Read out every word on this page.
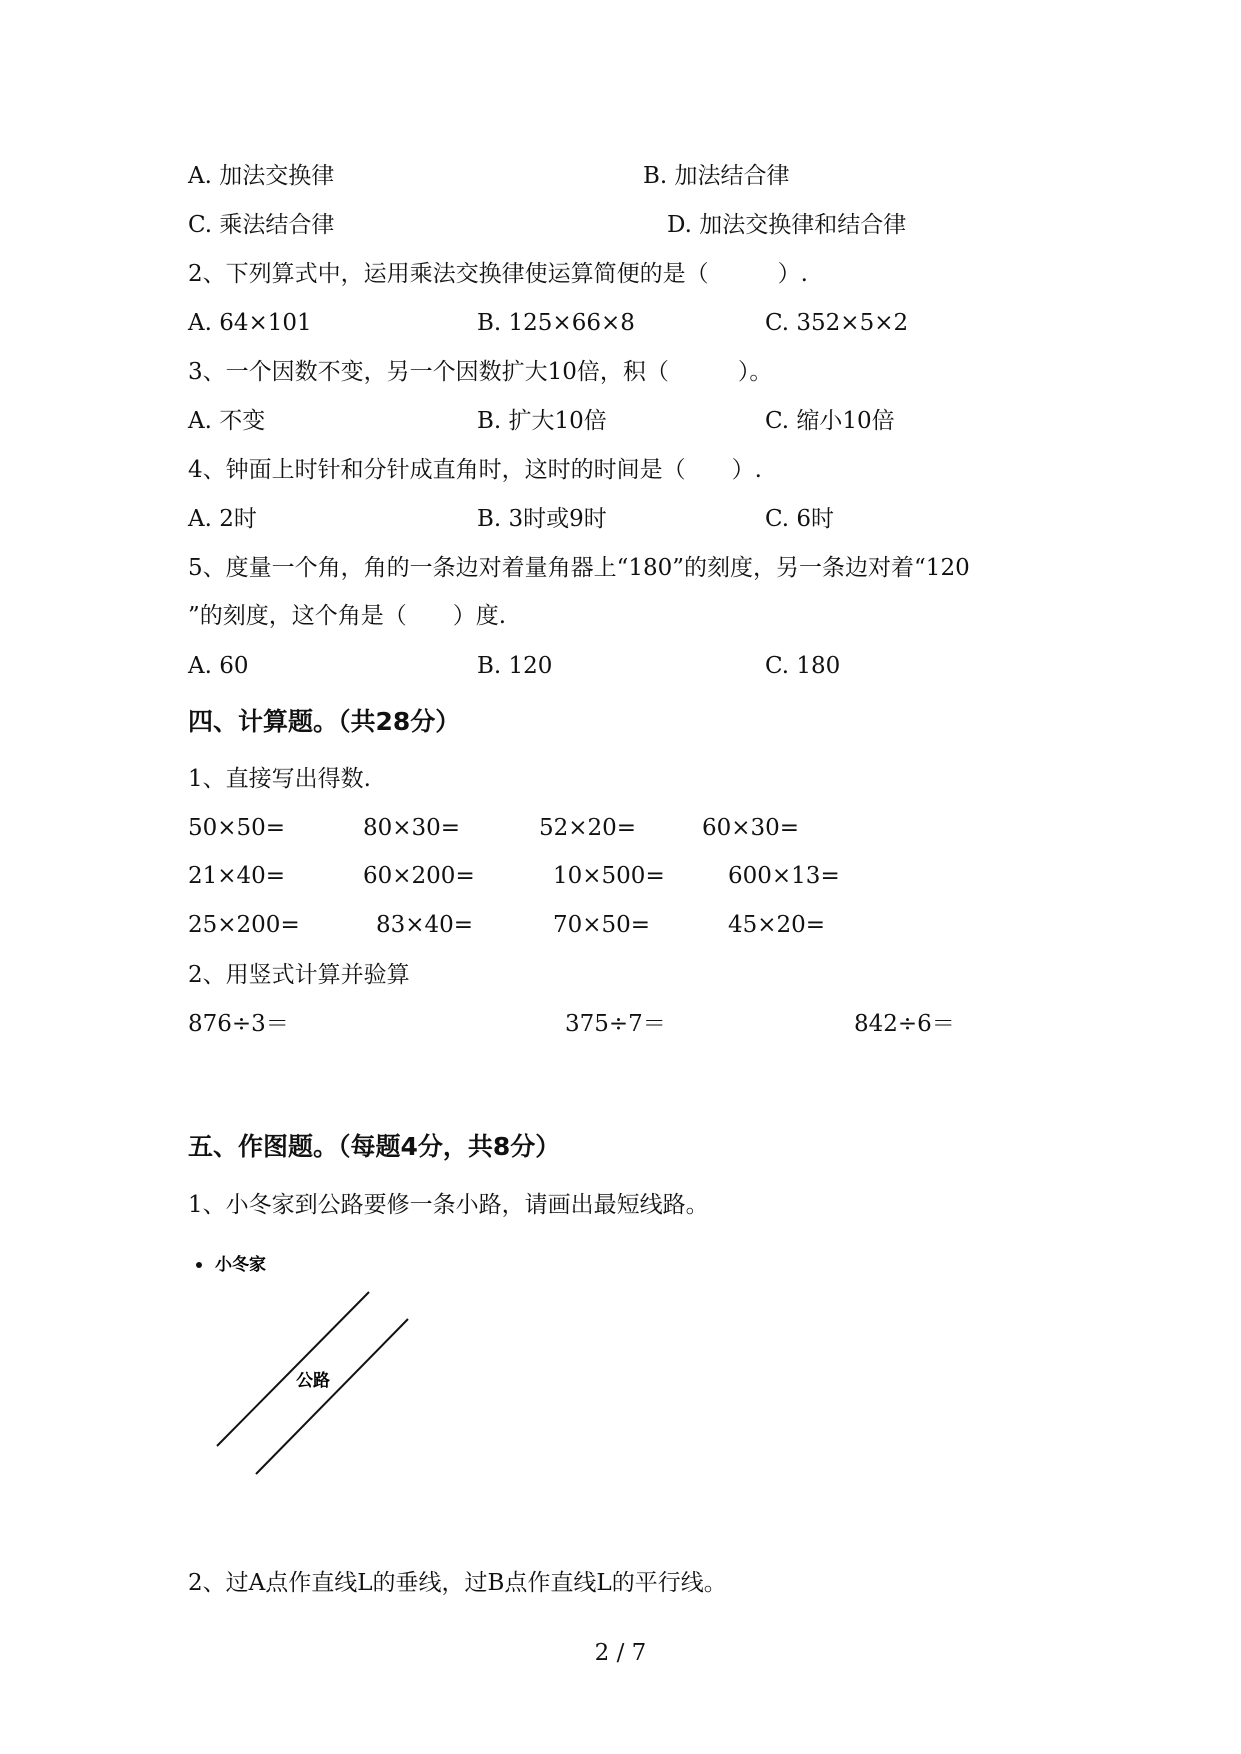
A. 加法交换律	B. 加法结合律
C. 乘法结合律	D. 加法交换律和结合律
2、下列算式中，运用乘法交换律使运算简便的是（　　　）.
A. 64×101	B. 125×66×8	C. 352×5×2
3、一个因数不变，另一个因数扩大10倍，积（　　　）。
A. 不变	B. 扩大10倍	C. 缩小10倍
4、钟面上时针和分针成直角时，这时的时间是（　　）.
A. 2时	B. 3时或9时	C. 6时
5、度量一个角，角的一条边对着量角器上“180”的刻度，另一条边对着“120
”的刻度，这个角是（　　）度.
A. 60	B. 120	C. 180
四、计算题。（共28分）
1、直接写出得数.
50×50=	80×30=	52×20=	60×30=
21×40=	60×200=	10×500=	600×13=
25×200=	83×40=	70×50=	45×20=
2、用竖式计算并验算
876÷3＝	375÷7＝	842÷6＝
五、作图题。（每题4分，共8分）
1、小冬家到公路要修一条小路，请画出最短线路。
小冬家
公路
2、过A点作直线L的垂线，过B点作直线L的平行线。
2 / 7
